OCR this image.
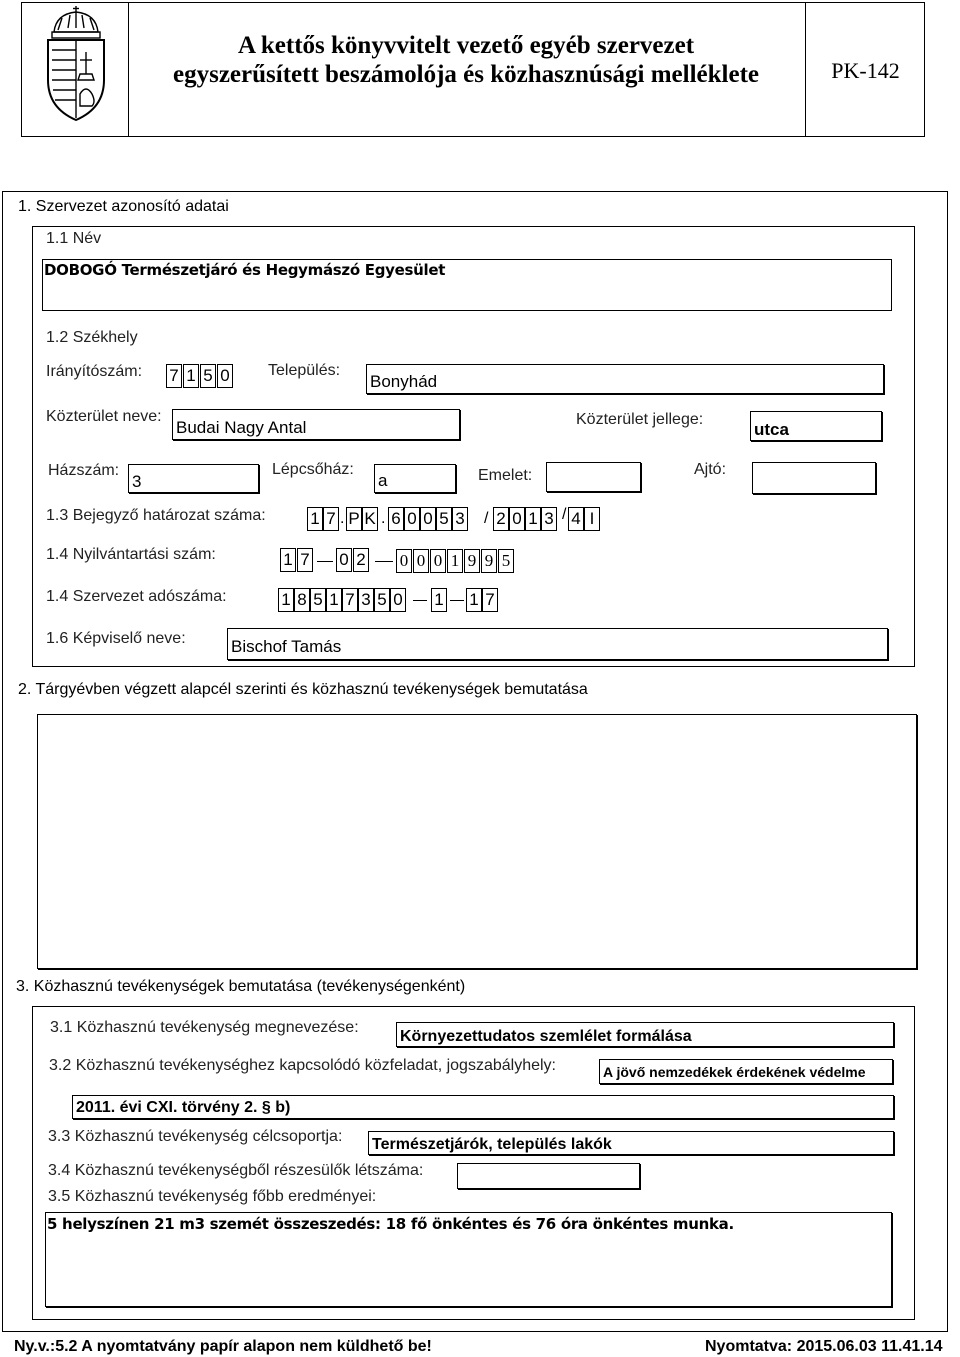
A kettős könyvvitelt vezető egyéb szervezet
egyszerűsített beszámolója és közhasznúsági melléklete	PK-142
1. Szervezet azonosító adatai
1.1 Név
DOBOGÓ Természetjáró és Hegymászó Egyesület
1.2 Székhely
Irányítószám: 7 1 5 0 Település:
Bonyhád
Közterület neve:
Budai Nagy Antal	Közterület jellege:
utca
Házszám:
3
Lépcsőház:
a	Emelet:	Ajtó:
1.3 Bejegyző határozat száma:	1 7 . P K . 6 0 0 5 3 / 2 0 1 3 / 4 I
1.4 Nyilvántartási szám:	1 7 0 2 0 0 0 1 9 9 5
1.4 Szervezet adószáma:	1 8 5 1 7 3 5 0 1 1 7
1.6 Képviselő neve:	Bischof Tamás
2. Tárgyévben végzett alapcél szerinti és közhasznú tevékenységek bemutatása
3. Közhasznú tevékenységek bemutatása (tevékenységenként)
3.1 Közhasznú tevékenység megnevezése:
Környezettudatos szemlélet formálása
3.2 Közhasznú tevékenységhez kapcsolódó közfeladat, jogszabályhely:	A jövő nemzedékek érdekének védelme
2011. évi CXI. törvény 2. § b)
3.3 Közhasznú tevékenység célcsoportja: Természetjárók, település lakók
3.4 Közhasznú tevékenységből részesülők létszáma:
3.5 Közhasznú tevékenység főbb eredményei:
5 helyszínen 21 m3 szemét összeszedés: 18 fő önkéntes és 76 óra önkéntes munka.
Ny.v.:5.2 A nyomtatvány papír alapon nem küldhető be!	Nyomtatva: 2015.06.03 11.41.14
